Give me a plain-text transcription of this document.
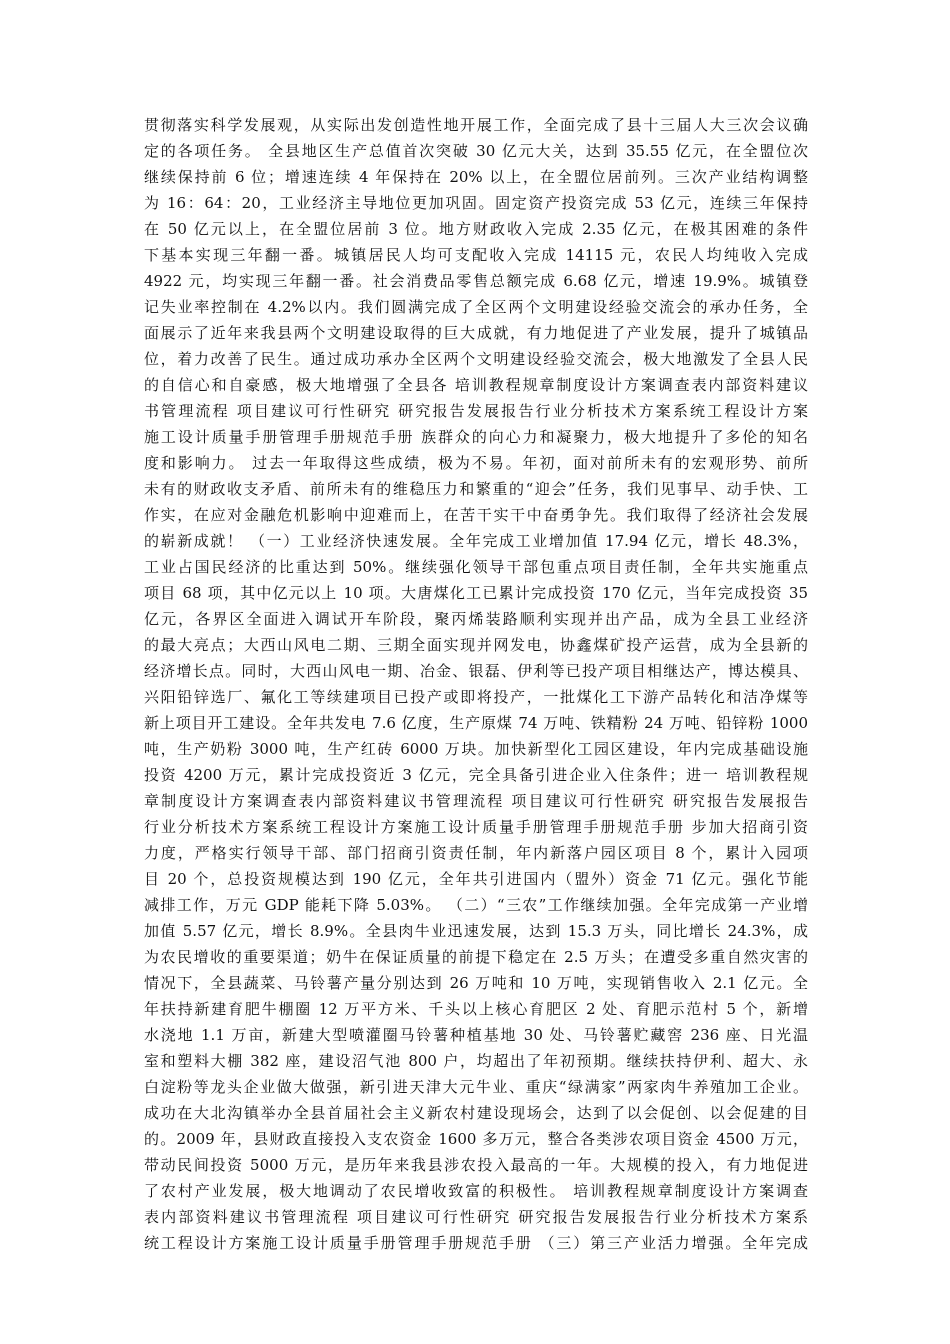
贯彻落实科学发展观，从实际出发创造性地开展工作，全面完成了县十三届人大三次会议确
定的各项任务。 全县地区生产总值首次突破 30 亿元大关，达到 35.55 亿元，在全盟位次
继续保持前 6 位；增速连续 4 年保持在 20% 以上，在全盟位居前列。三次产业结构调整
为 16：64：20，工业经济主导地位更加巩固。固定资产投资完成 53 亿元，连续三年保持
在 50 亿元以上，在全盟位居前 3 位。地方财政收入完成 2.35 亿元，在极其困难的条件
下基本实现三年翻一番。城镇居民人均可支配收入完成 14115 元，农民人均纯收入完成
4922 元，均实现三年翻一番。社会消费品零售总额完成 6.68 亿元，增速 19.9%。城镇登
记失业率控制在 4.2%以内。我们圆满完成了全区两个文明建设经验交流会的承办任务，全
面展示了近年来我县两个文明建设取得的巨大成就，有力地促进了产业发展，提升了城镇品
位，着力改善了民生。通过成功承办全区两个文明建设经验交流会，极大地激发了全县人民
的自信心和自豪感，极大地增强了全县各 培训教程规章制度设计方案调查表内部资料建议
书管理流程 项目建议可行性研究 研究报告发展报告行业分析技术方案系统工程设计方案
施工设计质量手册管理手册规范手册 族群众的向心力和凝聚力，极大地提升了多伦的知名
度和影响力。 过去一年取得这些成绩，极为不易。年初，面对前所未有的宏观形势、前所
未有的财政收支矛盾、前所未有的维稳压力和繁重的“迎会”任务，我们见事早、动手快、工
作实，在应对金融危机影响中迎难而上，在苦干实干中奋勇争先。我们取得了经济社会发展
的崭新成就！ （一）工业经济快速发展。全年完成工业增加值 17.94 亿元，增长 48.3%，
工业占国民经济的比重达到 50%。继续强化领导干部包重点项目责任制，全年共实施重点
项目 68 项，其中亿元以上 10 项。大唐煤化工已累计完成投资 170 亿元，当年完成投资 35
亿元，各界区全面进入调试开车阶段，聚丙烯装路顺利实现并出产品，成为全县工业经济
的最大亮点；大西山风电二期、三期全面实现并网发电，协鑫煤矿投产运营，成为全县新的
经济增长点。同时，大西山风电一期、冶金、银磊、伊利等已投产项目相继达产，博达模具、
兴阳铅锌选厂、氟化工等续建项目已投产或即将投产，一批煤化工下游产品转化和洁净煤等
新上项目开工建设。全年共发电 7.6 亿度，生产原煤 74 万吨、铁精粉 24 万吨、铅锌粉 1000
吨，生产奶粉 3000 吨，生产红砖 6000 万块。加快新型化工园区建设，年内完成基础设施
投资 4200 万元，累计完成投资近 3 亿元，完全具备引进企业入住条件；进一 培训教程规
章制度设计方案调查表内部资料建议书管理流程 项目建议可行性研究 研究报告发展报告
行业分析技术方案系统工程设计方案施工设计质量手册管理手册规范手册 步加大招商引资
力度，严格实行领导干部、部门招商引资责任制，年内新落户园区项目 8 个，累计入园项
目 20 个，总投资规模达到 190 亿元，全年共引进国内（盟外）资金 71 亿元。强化节能
减排工作，万元 GDP 能耗下降 5.03%。 （二）“三农”工作继续加强。全年完成第一产业增
加值 5.57 亿元，增长 8.9%。全县肉牛业迅速发展，达到 15.3 万头，同比增长 24.3%，成
为农民增收的重要渠道；奶牛在保证质量的前提下稳定在 2.5 万头；在遭受多重自然灾害的
情况下，全县蔬菜、马铃薯产量分别达到 26 万吨和 10 万吨，实现销售收入 2.1 亿元。全
年扶持新建育肥牛棚圈 12 万平方米、千头以上核心育肥区 2 处、育肥示范村 5 个，新增
水浇地 1.1 万亩，新建大型喷灌圈马铃薯种植基地 30 处、马铃薯贮藏窖 236 座、日光温
室和塑料大棚 382 座，建设沼气池 800 户，均超出了年初预期。继续扶持伊利、超大、永
白淀粉等龙头企业做大做强，新引进天津大元牛业、重庆“绿满家”两家肉牛养殖加工企业。
成功在大北沟镇举办全县首届社会主义新农村建设现场会，达到了以会促创、以会促建的目
的。2009 年，县财政直接投入支农资金 1600 多万元，整合各类涉农项目资金 4500 万元，
带动民间投资 5000 万元，是历年来我县涉农投入最高的一年。大规模的投入，有力地促进
了农村产业发展，极大地调动了农民增收致富的积极性。 培训教程规章制度设计方案调查
表内部资料建议书管理流程 项目建议可行性研究 研究报告发展报告行业分析技术方案系
统工程设计方案施工设计质量手册管理手册规范手册 （三）第三产业活力增强。全年完成
